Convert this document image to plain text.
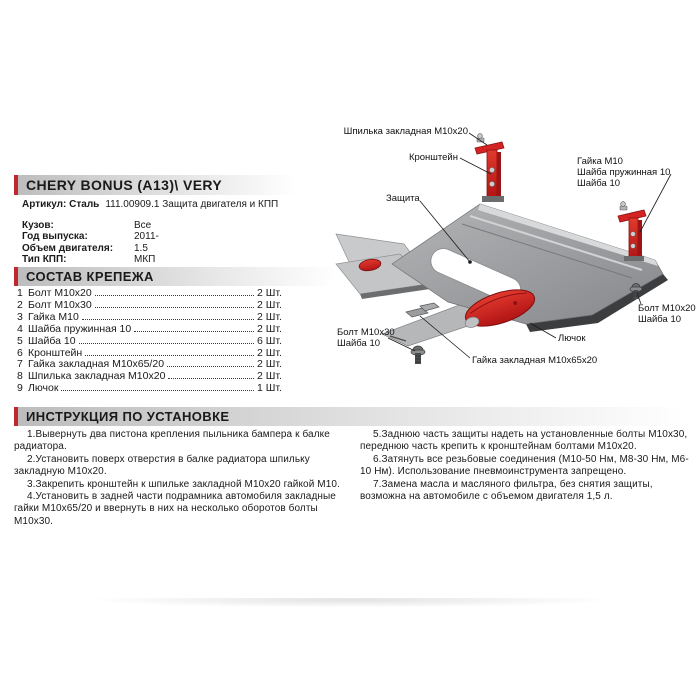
CHERY BONUS (A13)\ VERY
Артикул: Сталь 111.00909.1 Защита двигателя и КПП
Кузов:	Все
Год выпуска:	2011-
Объем двигателя:	1.5
Тип КПП:	МКП
СОСТАВ КРЕПЕЖА
1 Болт М10х20	2 Шт.
2 Болт М10х30	2 Шт.
3 Гайка М10	2 Шт.
4 Шайба пружинная 10	2 Шт.
5 Шайба 10	6 Шт.
6 Кронштейн	2 Шт.
7 Гайка закладная М10х65/20	2 Шт.
8 Шпилька закладная М10х20	2 Шт.
9 Лючок	1 Шт.
ИНСТРУКЦИЯ ПО УСТАНОВКЕ

1.Вывернуть два пистона крепления пыльника бампера к балке радиатора.

2.Установить поверх отверстия в балке радиатора шпильку закладную М10х20.

3.Закрепить кронштейн к шпильке закладной М10х20 гайкой М10.

4.Установить в задней части подрамника автомобиля закладные гайки М10х65/20 и ввернуть в них на несколько оборотов болты М10х30.

5.Заднюю часть защиты надеть на установленные болты М10х30, переднюю часть крепить к кронштейнам болтами М10х20.

6.Затянуть все резьбовые соединения (М10-50 Нм, М8-30 Нм, М6-10 Нм). Использование пневмоинструмента запрещено.

7.Замена масла и масляного фильтра, без снятия защиты, возможна на автомобиле с объемом двигателя 1,5 л.

Шпилька закладная М10х20
Кронштейн	Гайка М10
Шайба пружинная 10
Шайба 10
Защита
Болт М10х30
Шайба 10
Гайка закладная М10х65х20
Лючок
Болт М10х20
Шайба 10
